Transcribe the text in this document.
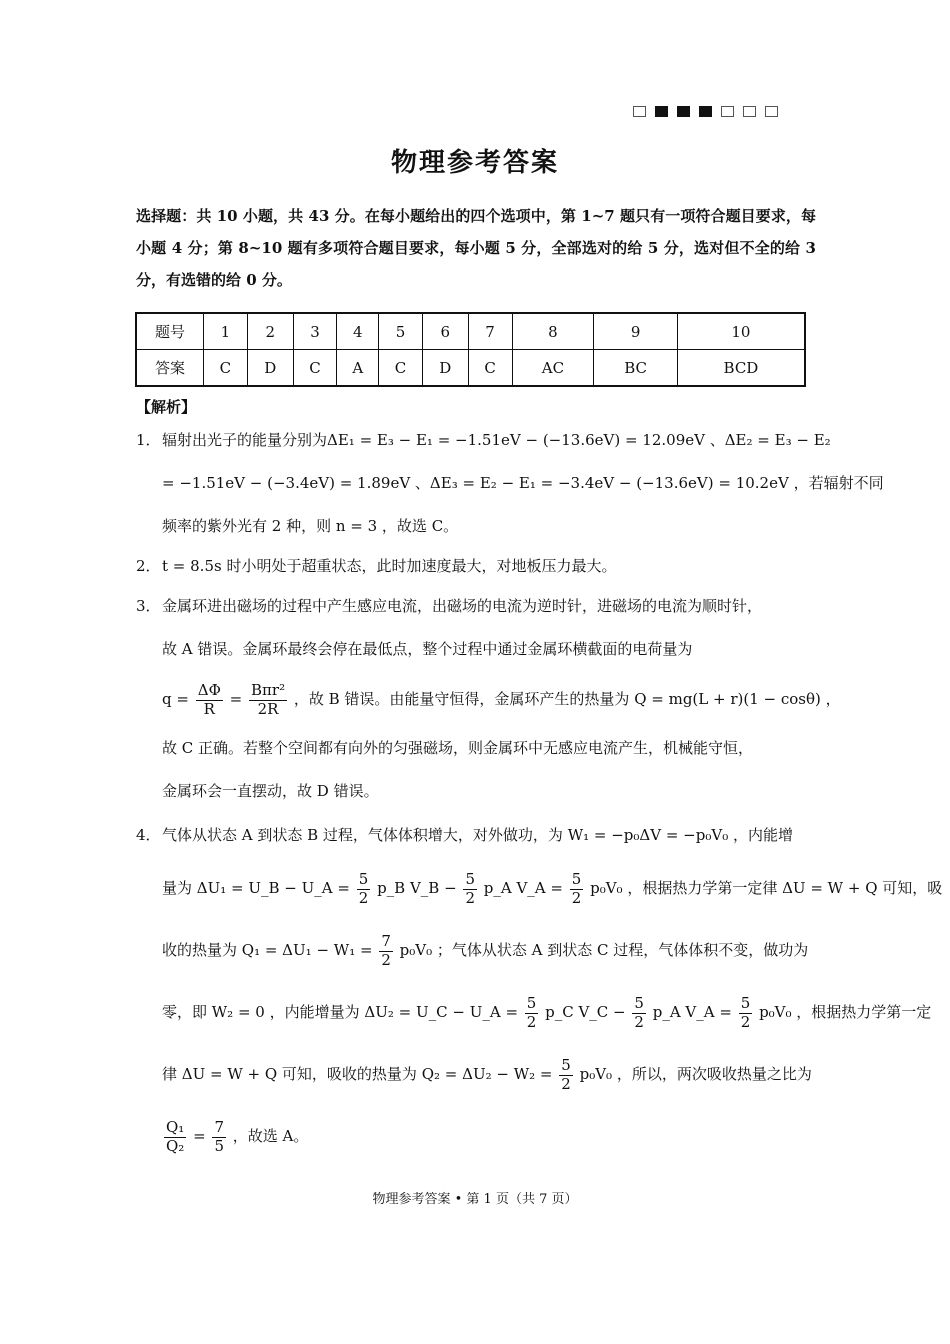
物理参考答案
选择题：共 10 小题，共 43 分。在每小题给出的四个选项中，第 1~7 题只有一项符合题目要求，每小题 4 分；第 8~10 题有多项符合题目要求，每小题 5 分，全部选对的给 5 分，选对但不全的给 3 分，有选错的给 0 分。
题号	1	2	3	4	5	6	7	8	9	10
答案	C	D	C	A	C	D	C	AC	BC	BCD
【解析】
1． 辐射出光子的能量分别为ΔE₁ = E₃ − E₁ = −1.51eV − (−13.6eV) = 12.09eV 、ΔE₂ = E₃ − E₂
= −1.51eV − (−3.4eV) = 1.89eV 、ΔE₃ = E₂ − E₁ = −3.4eV − (−13.6eV) = 10.2eV ，若辐射不同
频率的紫外光有 2 种，则 n = 3 ，故选 C。
2． t = 8.5s 时小明处于超重状态，此时加速度最大，对地板压力最大。
3． 金属环进出磁场的过程中产生感应电流，出磁场的电流为逆时针，进磁场的电流为顺时针，
故 A 错误。金属环最终会停在最低点，整个过程中通过金属环横截面的电荷量为
$q = \frac{\Delta\Phi}{R} = \frac{\text{Bπr²}}{2R}$ ，故 B 错误。由能量守恒得，金属环产生的热量为 Q = mg(L + r)(1 − cosθ) ，
故 C 正确。若整个空间都有向外的匀强磁场，则金属环中无感应电流产生，机械能守恒，
金属环会一直摆动，故 D 错误。
4． 气体从状态 A 到状态 B 过程，气体体积增大，对外做功，为 W₁ = −p₀ΔV = −p₀V₀ ，内能增
量为 ΔU₁ = U_B − U_A = $\frac{5}{2}$ p_B V_B − $\frac{5}{2}$ p_A V_A = $\frac{5}{2} p_0V_0$ ，根据热力学第一定律 ΔU = W + Q 可知，吸
收的热量为 $Q_1 = \Delta U_1 - W_1 = \frac{7}{2} p_0V_0$ ；气体从状态 A 到状态 C 过程，气体体积不变，做功为
零，即 W₂ = 0 ，内能增量为 ΔU₂ = U_C − U_A = $\frac{5}{2}$ p_C V_C − $\frac{5}{2}$ p_A V_A = $\frac{5}{2} p_0V_0$ ，根据热力学第一定
律 ΔU = W + Q 可知，吸收的热量为 $Q_2 = \Delta U_2 - W_2 = \frac{5}{2} p_0V_0$ ，所以，两次吸收热量之比为
$\frac{\text{Q₁}}{\text{Q₂}} = \frac{7}{5}$ ，故选 A。
物理参考答案 • 第 1 页（共 7 页）
